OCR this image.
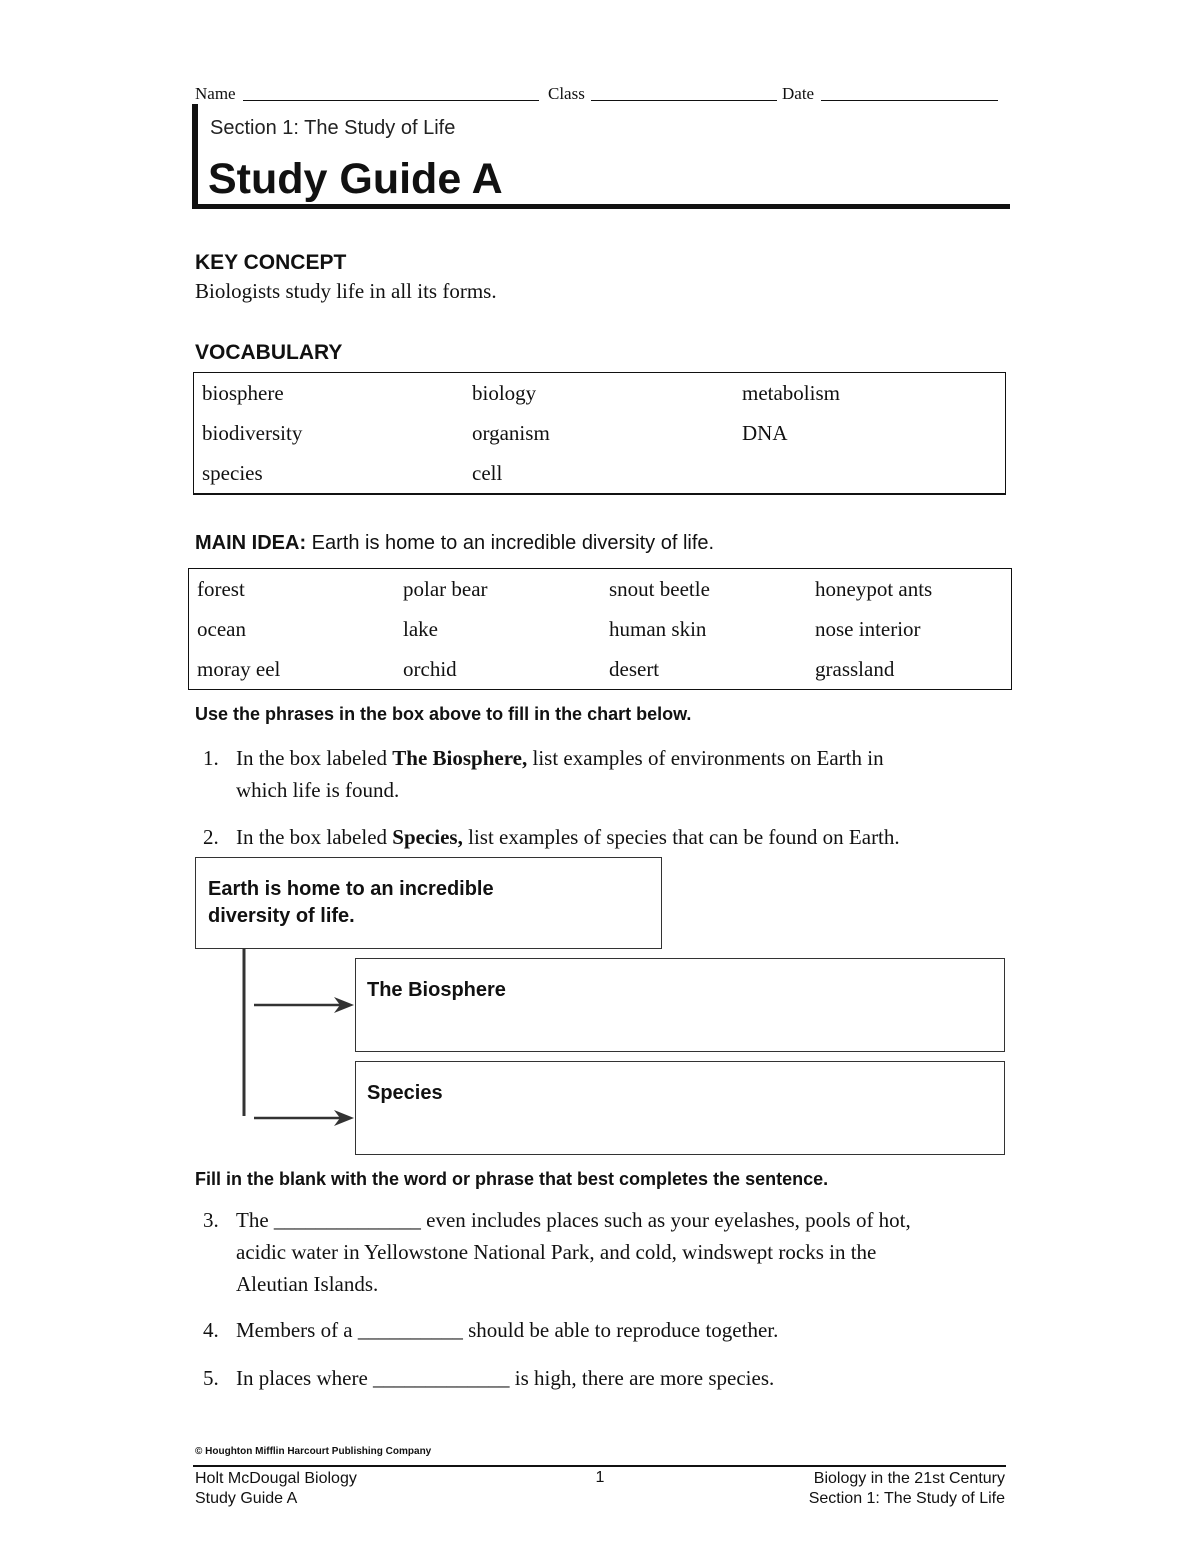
Name	Class	Date
Section 1: The Study of Life
Study Guide A
KEY CONCEPT
Biologists study life in all its forms.
VOCABULARY
biosphere	biology	metabolism
biodiversity	organism	DNA
species	cell	
MAIN IDEA: Earth is home to an incredible diversity of life.
forest	polar bear	snout beetle	honeypot ants
ocean	lake	human skin	nose interior
moray eel	orchid	desert	grassland
Use the phrases in the box above to fill in the chart below.
1. In the box labeled The Biosphere, list examples of environments on Earth in
which life is found.
2. In the box labeled Species, list examples of species that can be found on Earth.
Earth is home to an incredible
diversity of life.
The Biosphere
Species
Fill in the blank with the word or phrase that best completes the sentence.
3. The ______________ even includes places such as your eyelashes, pools of hot,
acidic water in Yellowstone National Park, and cold, windswept rocks in the
Aleutian Islands.
4. Members of a __________ should be able to reproduce together.
5. In places where _____________ is high, there are more species.
© Houghton Mifflin Harcourt Publishing Company
Holt McDougal Biology
Study Guide A
1	Biology in the 21st Century
Section 1: The Study of Life
